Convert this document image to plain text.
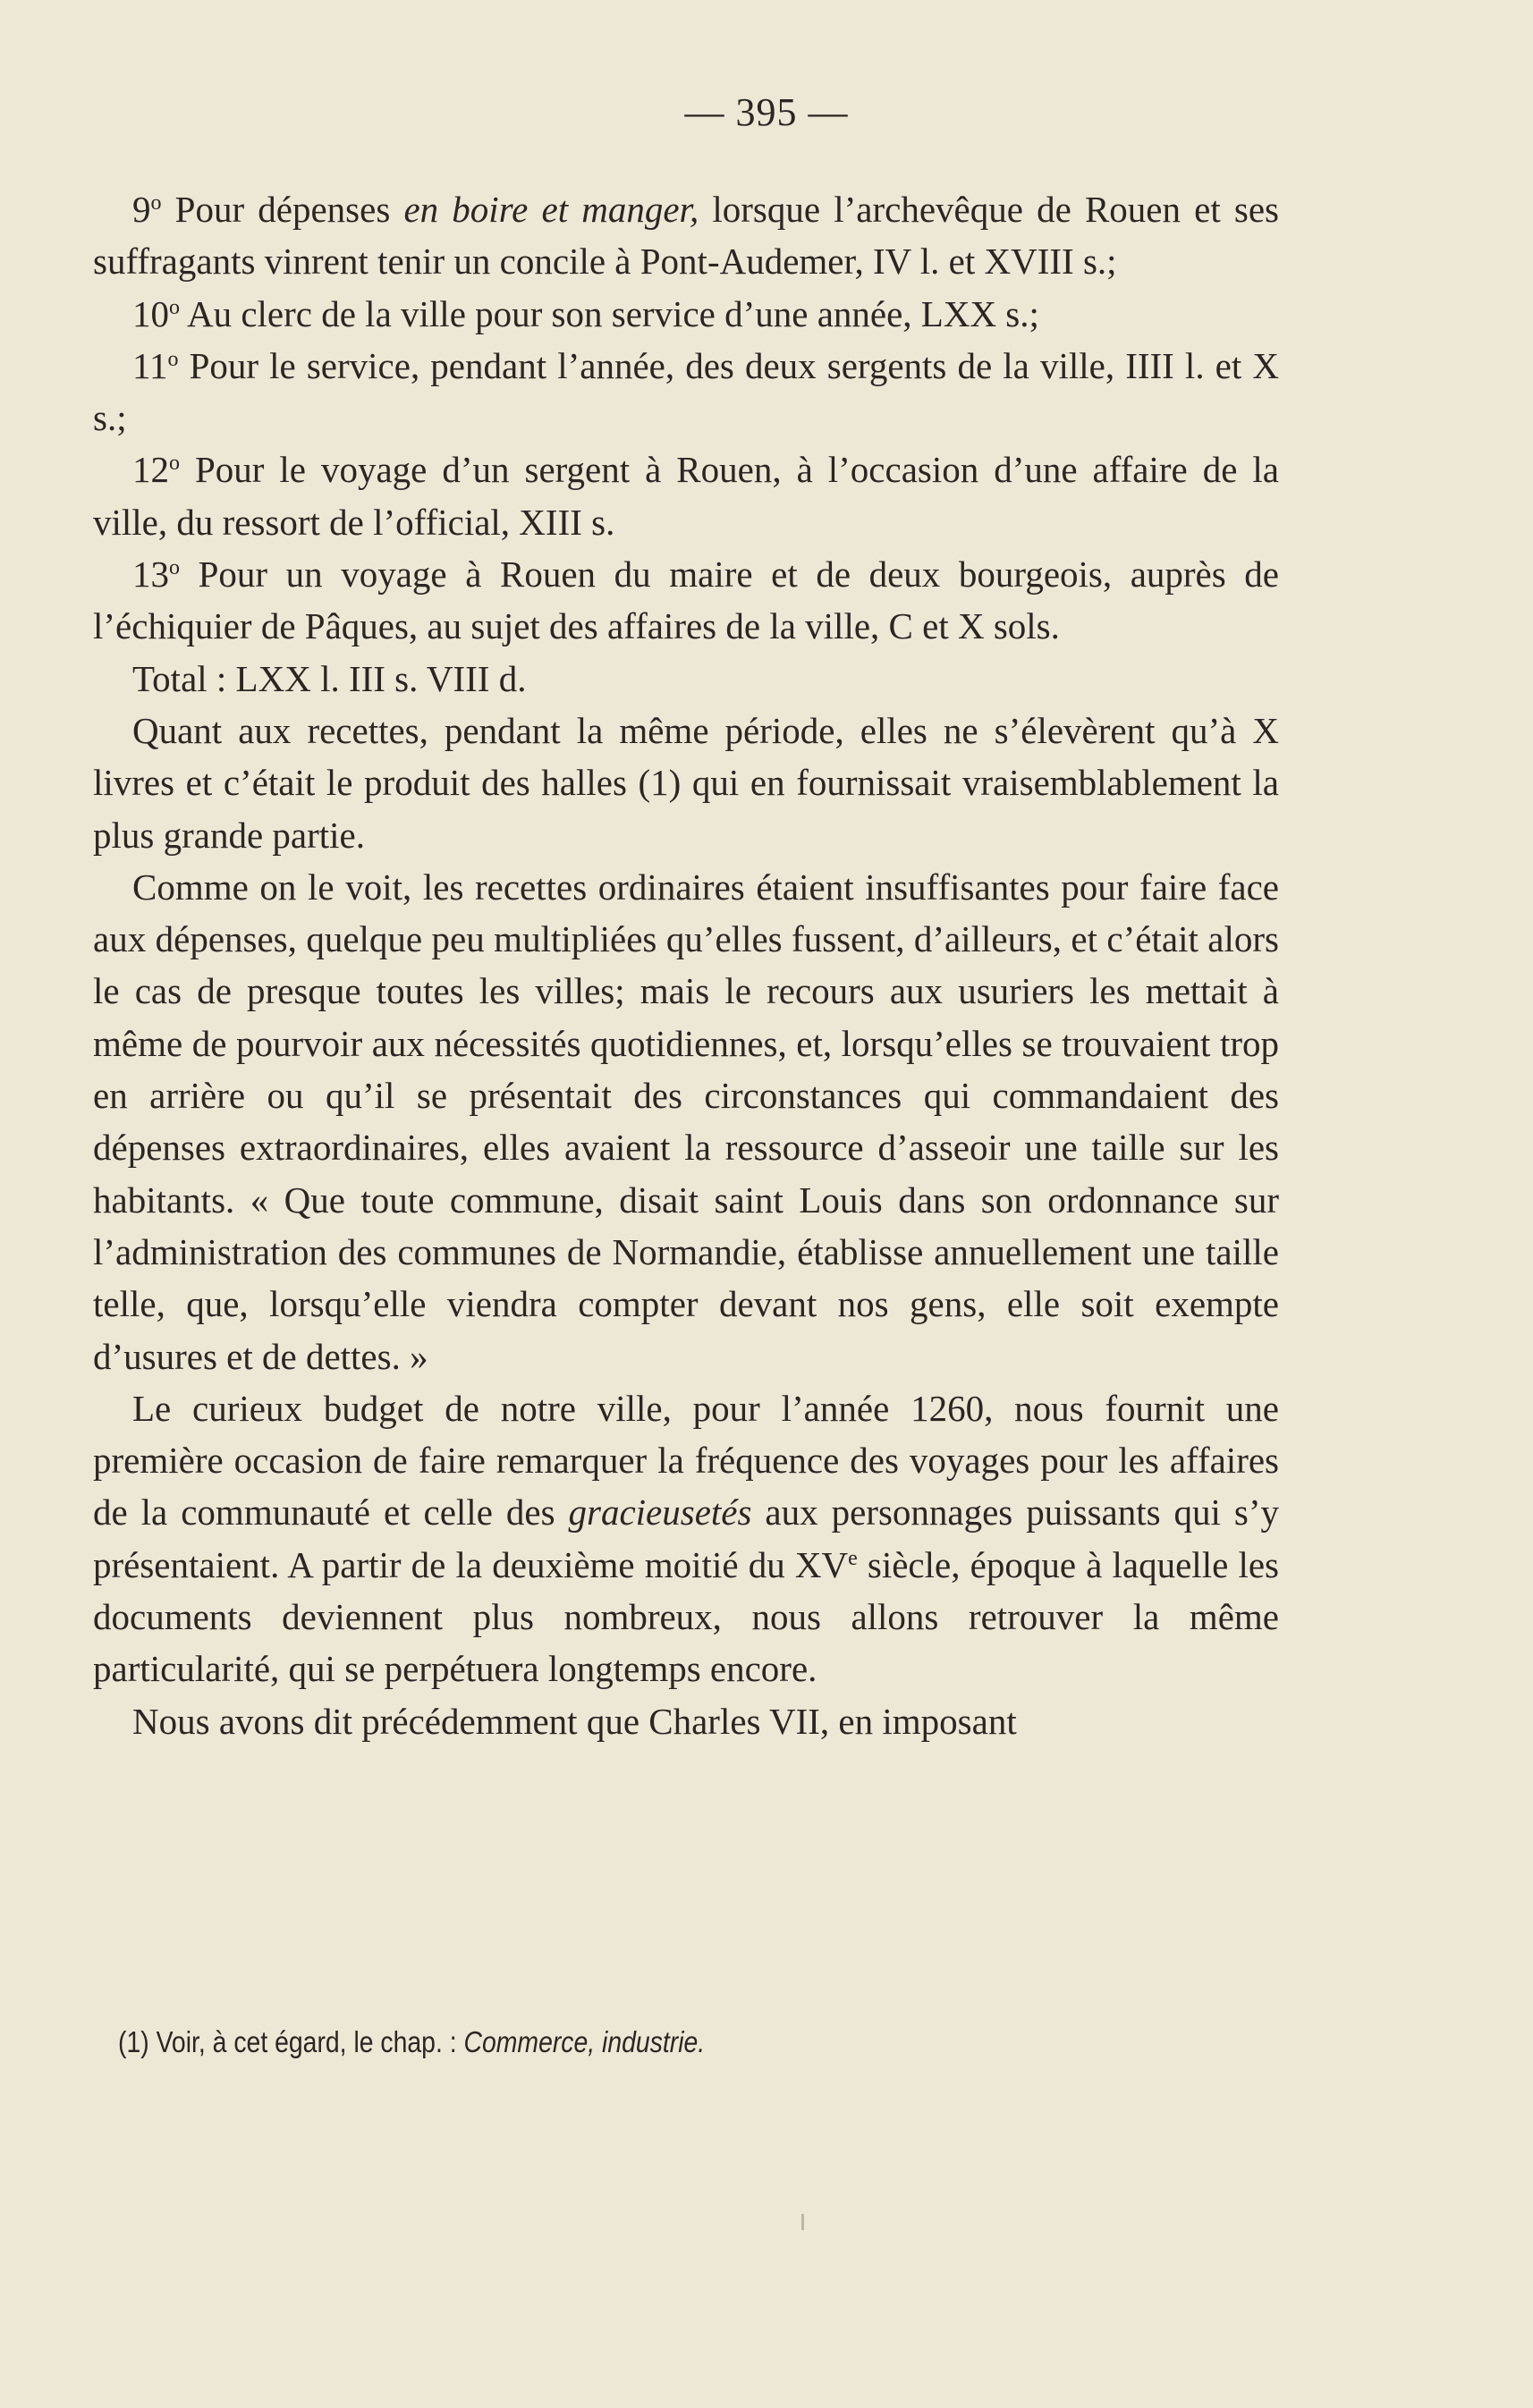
— 395 —

9$^o$ Pour dépenses en boire et manger, lorsque l’archevêque de Rouen et ses suffragants vinrent tenir un concile à Pont-Audemer, IV l. et XVIII s.;

10$^o$ Au clerc de la ville pour son service d’une année, LXX s.;

11$^o$ Pour le service, pendant l’année, des deux sergents de la ville, IIII l. et X s.;

12$^o$ Pour le voyage d’un sergent à Rouen, à l’occasion d’une affaire de la ville, du ressort de l’official, XIII s.

13$^o$ Pour un voyage à Rouen du maire et de deux bourgeois, auprès de l’échiquier de Pâques, au sujet des affaires de la ville, C et X sols.

Total : LXX l. III s. VIII d.

Quant aux recettes, pendant la même période, elles ne s’élevèrent qu’à X livres et c’était le produit des halles (1) qui en fournissait vraisemblablement la plus grande partie.

Comme on le voit, les recettes ordinaires étaient insuffisantes pour faire face aux dépenses, quelque peu multipliées qu’elles fussent, d’ailleurs, et c’était alors le cas de presque toutes les villes; mais le recours aux usuriers les mettait à même de pourvoir aux nécessités quotidiennes, et, lorsqu’elles se trouvaient trop en arrière ou qu’il se présentait des circonstances qui commandaient des dépenses extraordinaires, elles avaient la ressource d’asseoir une taille sur les habitants. « Que toute commune, disait saint Louis dans son ordonnance sur l’administration des communes de Normandie, établisse annuellement une taille telle, que, lorsqu’elle viendra compter devant nos gens, elle soit exempte d’usures et de dettes. »

Le curieux budget de notre ville, pour l’année 1260, nous fournit une première occasion de faire remarquer la fréquence des voyages pour les affaires de la communauté et celle des gracieusetés aux personnages puissants qui s’y présentaient. A partir de la deuxième moitié du XVe siècle, époque à laquelle les documents deviennent plus nombreux, nous allons retrouver la même particularité, qui se perpétuera longtemps encore.

Nous avons dit précédemment que Charles VII, en imposant

(1) Voir, à cet égard, le chap. : Commerce, industrie.
